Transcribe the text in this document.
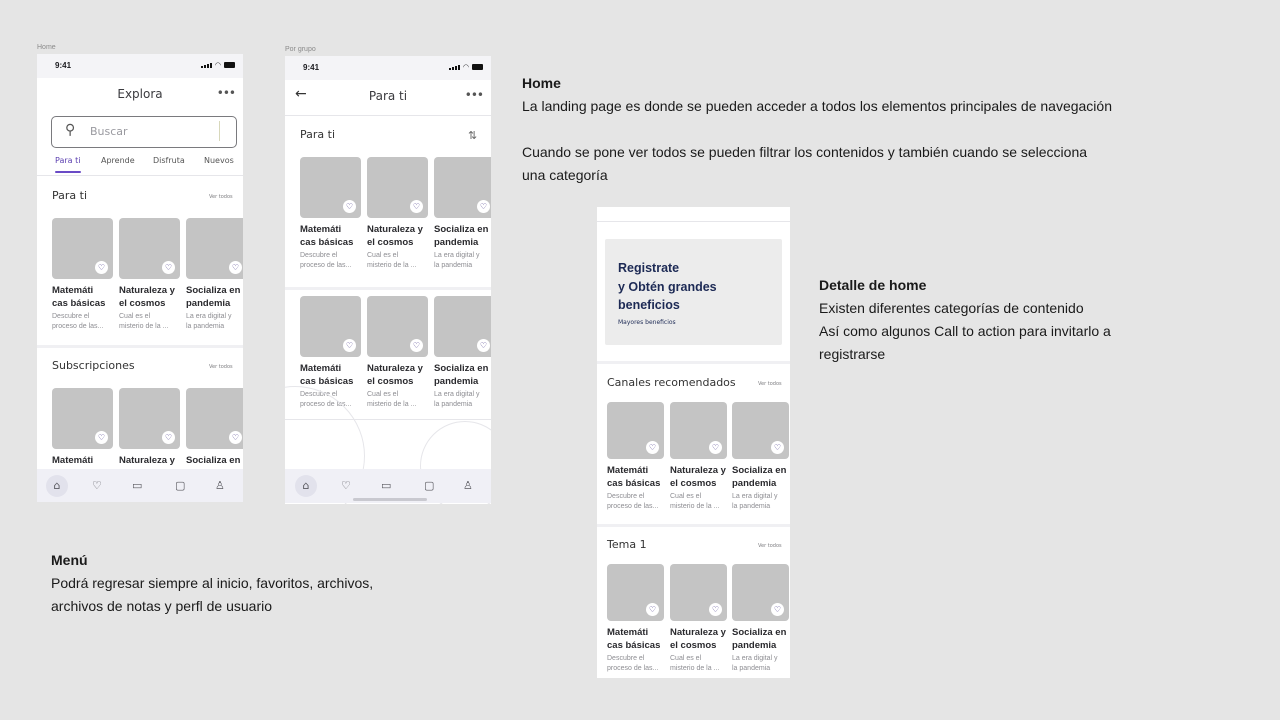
Home	Por grupo
9:41	◠
Explora	•••
⚲ Buscar
Para ti	Aprende Disfruta Nuevos
Para ti	Ver todos
♡
Matemáti
cas básicas
Descubre el
proceso de las...
♡
Naturaleza y
el cosmos
Cual es el
misterio de la ...
♡
Socializa en
pandemia
La era digital y
la pandemia
Subscripciones	Ver todos
♡
Matemáti
♡
Naturaleza y
♡
Socializa en
⌂	♡	▭	▢	♙
9:41	◠
←	Para ti	•••
Para ti	⇅
♡
Matemáti
cas básicas
Descubre el
proceso de las...
♡
Naturaleza y
el cosmos
Cual es el
misterio de la ...
♡
Socializa en
pandemia
La era digital y
la pandemia
♡
Matemáti
cas básicas
Descubre el
proceso de las...
♡
Naturaleza y
el cosmos
Cual es el
misterio de la ...
♡
Socializa en
pandemia
La era digital y
la pandemia
⌂	♡	▭	▢	♙
Registrate
y Obtén grandes
beneficios
Mayores beneficios
Canales recomendados	Ver todos
♡
Matemáti
cas básicas
Descubre el
proceso de las...
♡
Naturaleza y
el cosmos
Cual es el
misterio de la ...
♡
Socializa en
pandemia
La era digital y
la pandemia
Tema 1	Ver todos
♡
Matemáti
cas básicas
Descubre el
proceso de las...
♡
Naturaleza y
el cosmos
Cual es el
misterio de la ...
♡
Socializa en
pandemia
La era digital y
la pandemia
Home
La landing page es donde se pueden acceder a todos los elementos principales de navegación
Cuando se pone ver todos se pueden filtrar los contenidos y también cuando se selecciona
una categoría
Detalle de home
Existen diferentes categorías de contenido
Así como algunos Call to action para invitarlo a
registrarse
Menú
Podrá regresar siempre al inicio, favoritos, archivos,
archivos de notas y perfl de usuario
